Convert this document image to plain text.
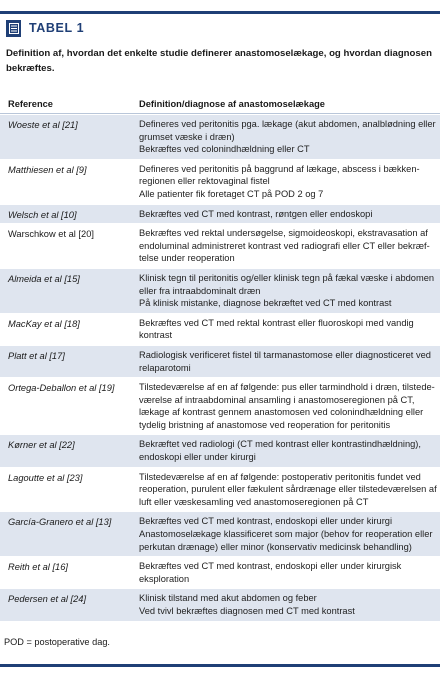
TABEL 1
Definition af, hvordan det enkelte studie definerer anastomoselækage, og hvordan diagnosen bekræftes.
Reference	Definition/diagnose af anastomoselækage
Woeste et al [21]	Defineres ved peritonitis pga. lækage (akut abdomen, analblødning eller
grumset væske i dræn)
Bekræftes ved colonindhældning eller CT
Matthiesen et al [9]	Defineres ved peritonitis på baggrund af lækage, abscess i bækken-
regionen eller rektovaginal fistel
Alle patienter fik foretaget CT på POD 2 og 7
Welsch et al [10]	Bekræftes ved CT med kontrast, røntgen eller endoskopi
Warschkow et al [20]	Bekræftes ved rektal undersøgelse, sigmoideoskopi, ekstravasation af
endoluminal administreret kontrast ved radiografi eller CT eller bekræf-
telse under reoperation
Almeida et al [15]	Klinisk tegn til peritonitis og/eller klinisk tegn på fækal væske i abdomen
eller fra intraabdominalt dræn
På klinisk mistanke, diagnose bekræftet ved CT med kontrast
MacKay et al [18]	Bekræftes ved CT med rektal kontrast eller fluoroskopi med vandig
kontrast
Platt et al [17]	Radiologisk verificeret fistel til tarmanastomose eller diagnosticeret ved
relaparotomi
Ortega-Deballon et al [19]	Tilstedeværelse af en af følgende: pus eller tarmindhold i dræn, tilstede-
værelse af intraabdominal ansamling i anastomoseregionen på CT,
lækage af kontrast gennem anastomosen ved colonindhældning eller
tydelig bristning af anastomose ved reoperation for peritonitis
Kørner et al [22]	Bekræftet ved radiologi (CT med kontrast eller kontrastindhældning),
endoskopi eller under kirurgi
Lagoutte et al [23]	Tilstedeværelse af en af følgende: postoperativ peritonitis fundet ved
reoperation, purulent eller fækulent sårdrænage eller tilstedeværelsen af
luft eller væskesamling ved anastomoseregionen på CT
García-Granero et al [13]	Bekræftes ved CT med kontrast, endoskopi eller under kirurgi
Anastomoselækage klassificeret som major (behov for reoperation eller
perkutan drænage) eller minor (konservativ medicinsk behandling)
Reith et al [16]	Bekræftes ved CT med kontrast, endoskopi eller under kirurgisk
eksploration
Pedersen et al [24]	Klinisk tilstand med akut abdomen og feber
Ved tvivl bekræftes diagnosen med CT med kontrast
POD = postoperative dag.
